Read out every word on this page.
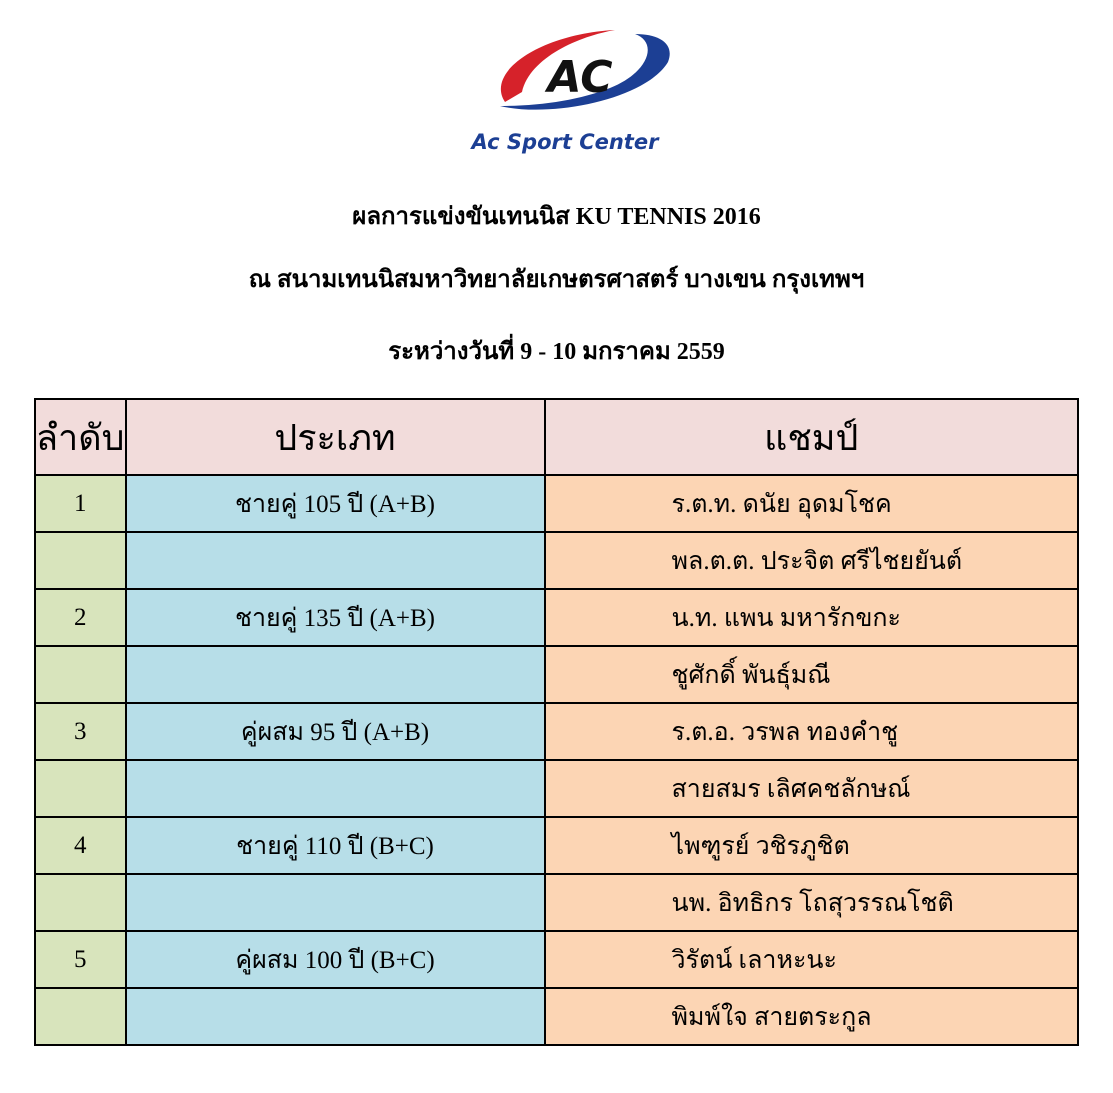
AC
Ac Sport Center
ผลการแข่งขันเทนนิส KU TENNIS 2016
ณ สนามเทนนิสมหาวิทยาลัยเกษตรศาสตร์ บางเขน กรุงเทพฯ
ระหว่างวันที่ 9 - 10 มกราคม 2559
ลำดับ	ประเภท	แชมป์
1	ชายคู่ 105 ปี (A+B)	ร.ต.ท. ดนัย อุดมโชค
		พล.ต.ต. ประจิต ศรีไชยยันต์
2	ชายคู่ 135 ปี (A+B)	น.ท. แพน มหารักขกะ
		ชูศักดิ์ พันธุ์มณี
3	คู่ผสม 95 ปี (A+B)	ร.ต.อ. วรพล ทองคำชู
		สายสมร เลิศคชลักษณ์
4	ชายคู่ 110 ปี (B+C)	ไพฑูรย์ วชิรภูชิต
		นพ. อิทธิกร โถสุวรรณโชติ
5	คู่ผสม 100 ปี (B+C)	วิรัตน์ เลาหะนะ
		พิมพ์ใจ สายตระกูล
